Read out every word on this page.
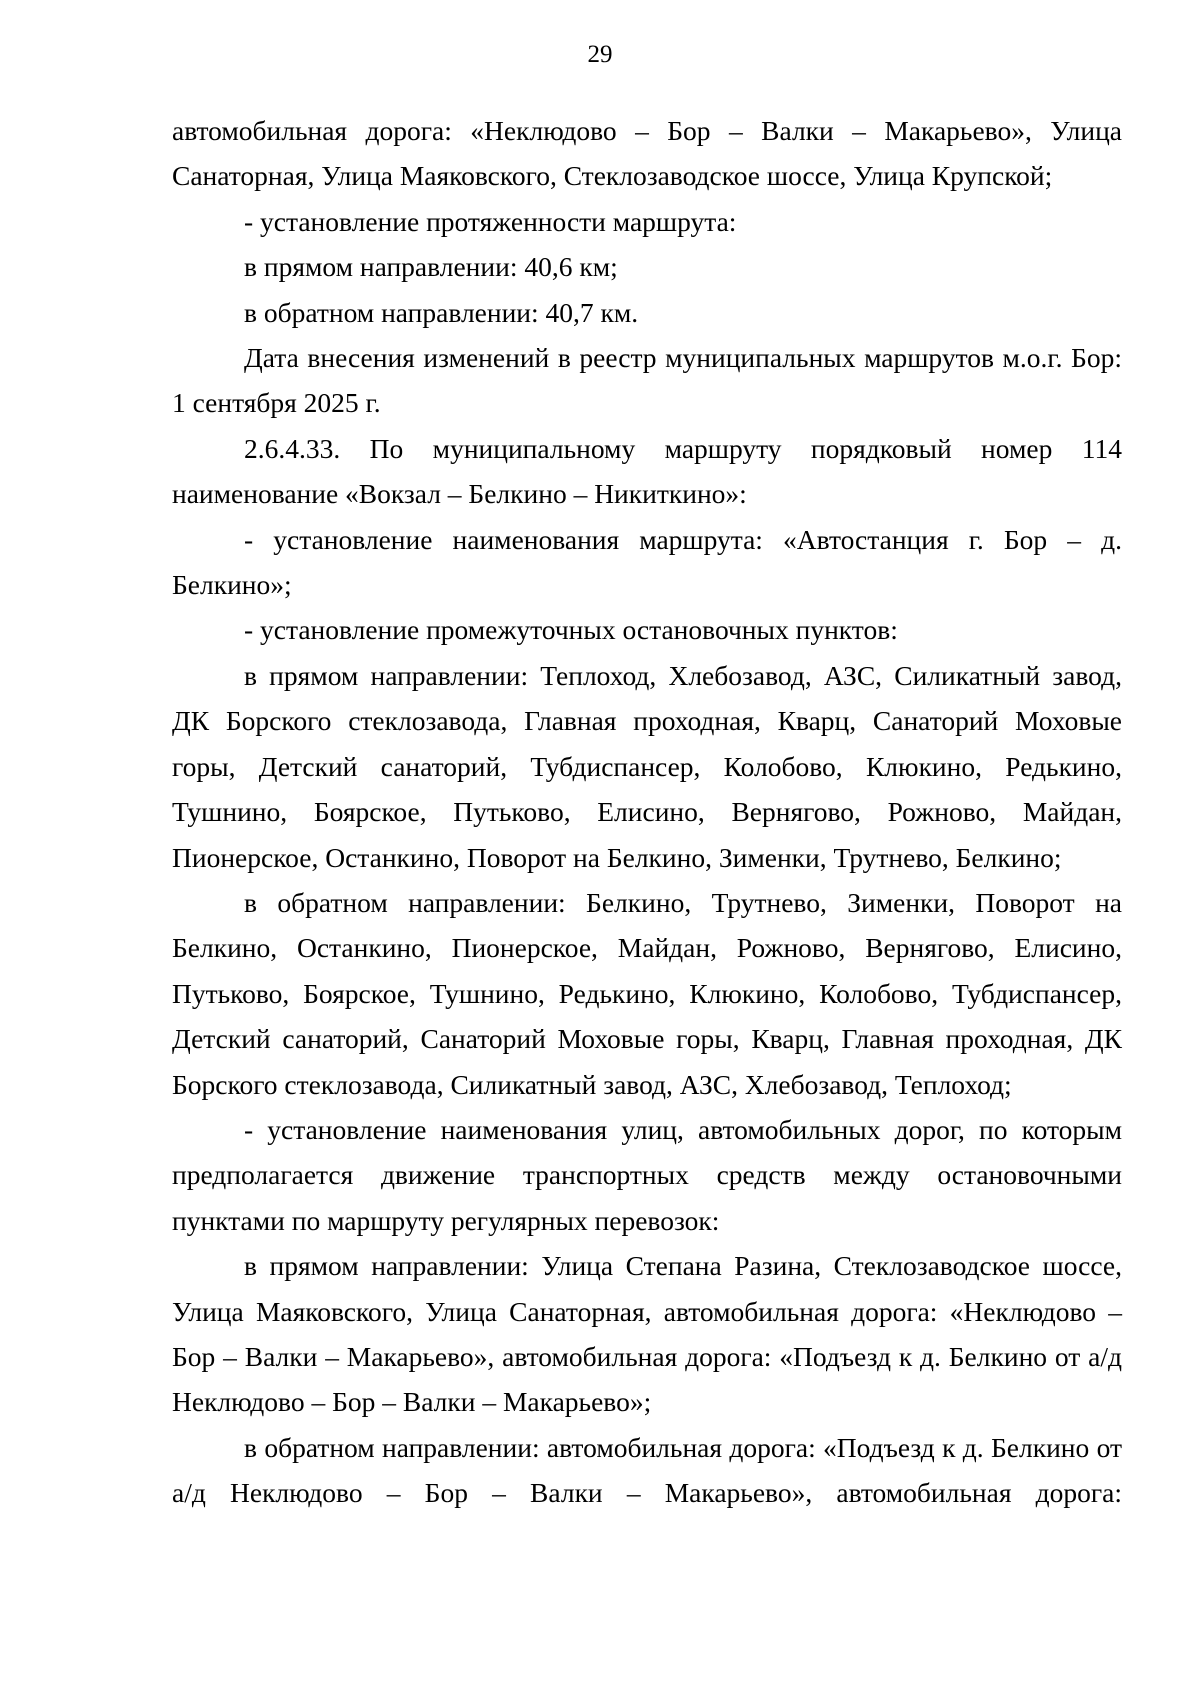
29

автомобильная дорога: «Неклюдово – Бор – Валки – Макарьево», Улица Санаторная, Улица Маяковского, Стеклозаводское шоссе, Улица Крупской;

- установление протяженности маршрута:

в прямом направлении: 40,6 км;

в обратном направлении: 40,7 км.

Дата внесения изменений в реестр муниципальных маршрутов м.о.г. Бор: 1 сентября 2025 г.

2.6.4.33. По муниципальному маршруту порядковый номер 114 наименование «Вокзал – Белкино – Никиткино»:

- установление наименования маршрута: «Автостанция г. Бор – д. Белкино»;

- установление промежуточных остановочных пунктов:

в прямом направлении: Теплоход, Хлебозавод, АЗС, Силикатный завод, ДК Борского стеклозавода, Главная проходная, Кварц, Санаторий Моховые горы, Детский санаторий, Тубдиспансер, Колобово, Клюкино, Редькино, Тушнино, Боярское, Путьково, Елисино, Вернягово, Рожново, Майдан, Пионерское, Останкино, Поворот на Белкино, Зименки, Трутнево, Белкино;

в обратном направлении: Белкино, Трутнево, Зименки, Поворот на Белкино, Останкино, Пионерское, Майдан, Рожново, Вернягово, Елисино, Путьково, Боярское, Тушнино, Редькино, Клюкино, Колобово, Тубдиспансер, Детский санаторий, Санаторий Моховые горы, Кварц, Главная проходная, ДК Борского стеклозавода, Силикатный завод, АЗС, Хлебозавод, Теплоход;

- установление наименования улиц, автомобильных дорог, по которым предполагается движение транспортных средств между остановочными пунктами по маршруту регулярных перевозок:

в прямом направлении: Улица Степана Разина, Стеклозаводское шоссе, Улица Маяковского, Улица Санаторная, автомобильная дорога: «Неклюдово – Бор – Валки – Макарьево», автомобильная дорога: «Подъезд к д. Белкино от а/д Неклюдово – Бор – Валки – Макарьево»;

в обратном направлении: автомобильная дорога: «Подъезд к д. Белкино от а/д Неклюдово – Бор – Валки – Макарьево», автомобильная дорога:
